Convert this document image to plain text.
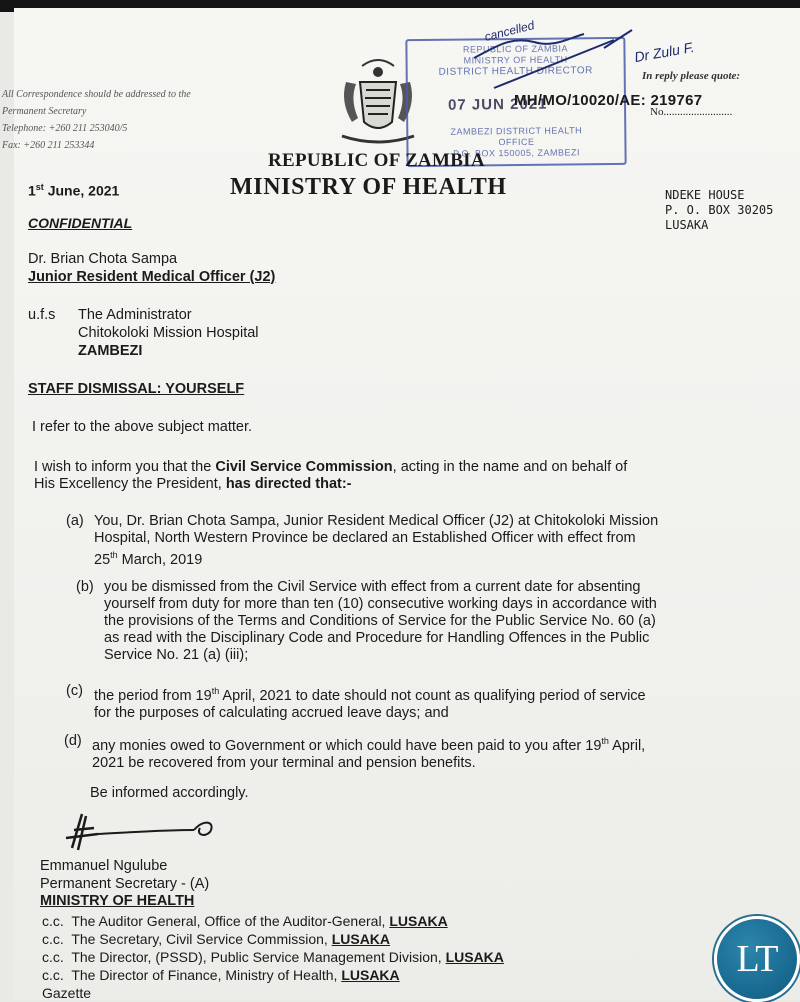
All Correspondence should be addressed to the
Permanent Secretary
Telephone: +260 211 253040/5
Fax: +260 211 253344
REPUBLIC OF ZAMBIA
MINISTRY OF HEALTH
DISTRICT HEALTH DIRECTOR
07 JUN 2021
ZAMBEZI DISTRICT HEALTH
OFFICE
P.O. BOX 150005, ZAMBEZI
cancelled
Dr Zulu F.
In reply please quote:
MH/MO/10020/AE: 219767
No.........................
REPUBLIC OF ZAMBIA
MINISTRY OF HEALTH	NDEKE HOUSE
P. O. BOX 30205
LUSAKA
1st June, 2021
CONFIDENTIAL
Dr. Brian Chota Sampa
Junior Resident Medical Officer (J2)
u.f.s The Administrator
Chitokoloki Mission Hospital
ZAMBEZI
STAFF DISMISSAL: YOURSELF
I refer to the above subject matter.
I wish to inform you that the Civil Service Commission, acting in the name and on behalf of
His Excellency the President, has directed that:-
(a) You, Dr. Brian Chota Sampa, Junior Resident Medical Officer (J2) at Chitokoloki Mission
Hospital, North Western Province be declared an Established Officer with effect from
25th March, 2019
(b) you be dismissed from the Civil Service with effect from a current date for absenting
yourself from duty for more than ten (10) consecutive working days in accordance with
the provisions of the Terms and Conditions of Service for the Public Service No. 60 (a)
as read with the Disciplinary Code and Procedure for Handling Offences in the Public
Service No. 21 (a) (iii);
(c) the period from 19th April, 2021 to date should not count as qualifying period of service
for the purposes of calculating accrued leave days; and
(d) any monies owed to Government or which could have been paid to you after 19th April,
2021 be recovered from your terminal and pension benefits.
Be informed accordingly.
Emmanuel Ngulube
Permanent Secretary - (A)
MINISTRY OF HEALTH
c.c. The Auditor General, Office of the Auditor-General, LUSAKA
c.c. The Secretary, Civil Service Commission, LUSAKA
c.c. The Director, (PSSD), Public Service Management Division, LUSAKA
c.c. The Director of Finance, Ministry of Health, LUSAKA
Gazette
LT
